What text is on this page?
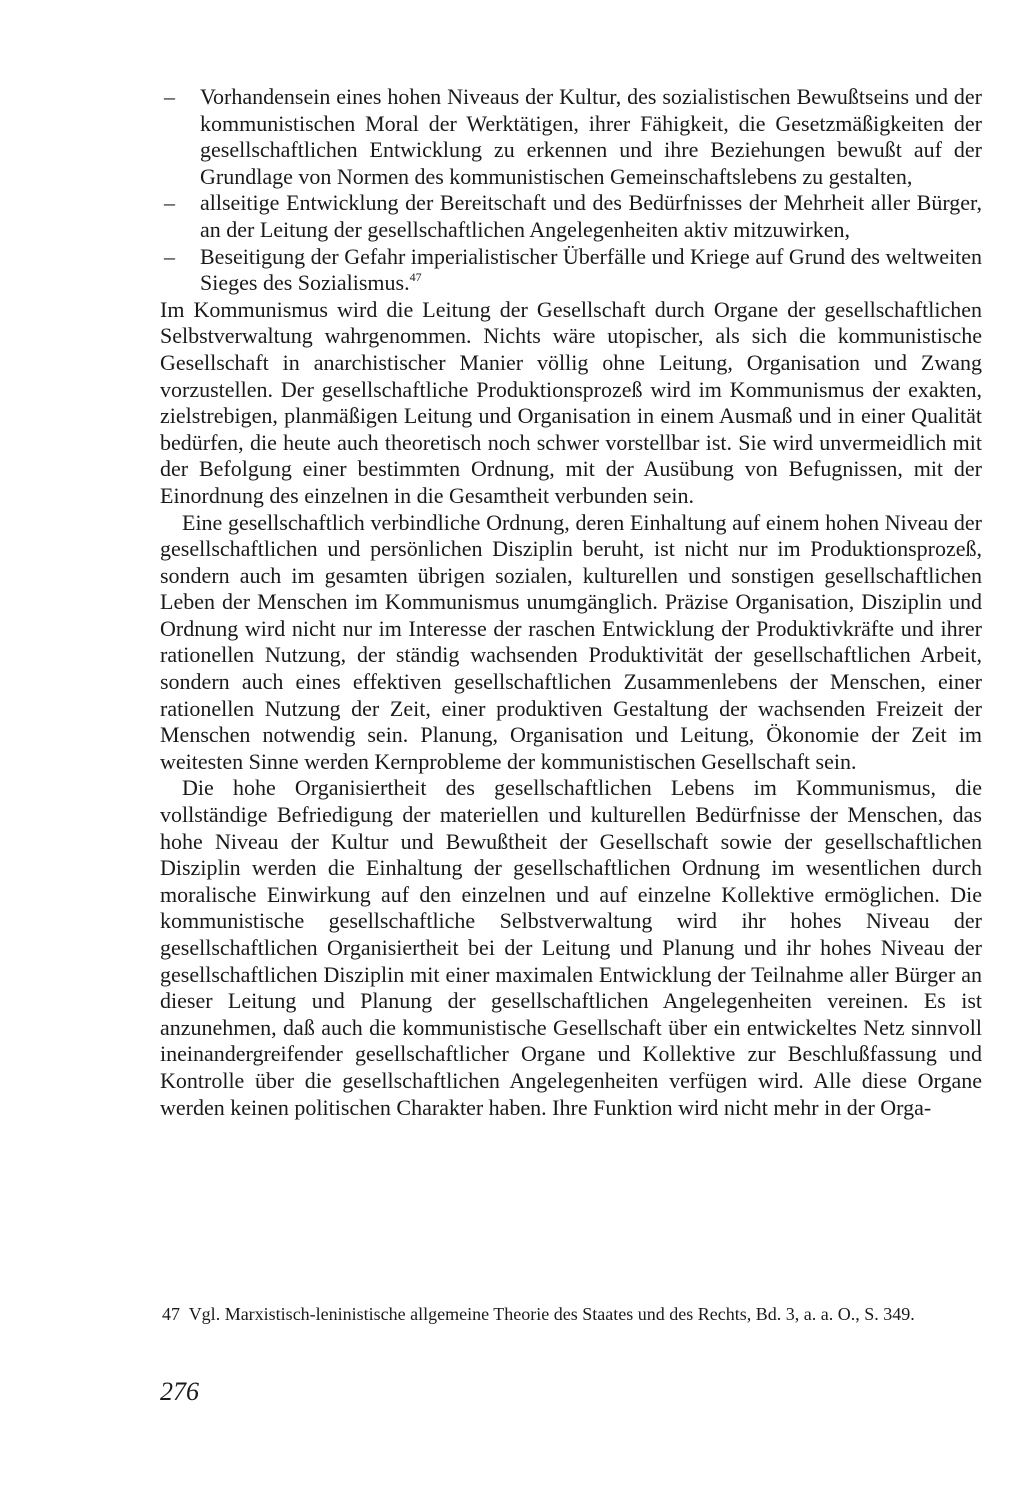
–	Vorhandensein eines hohen Niveaus der Kultur, des sozialistischen Bewußtseins und der kommunistischen Moral der Werktätigen, ihrer Fähigkeit, die Gesetzmäßigkeiten der gesellschaftlichen Entwicklung zu erkennen und ihre Beziehungen bewußt auf der Grundlage von Normen des kommunistischen Gemeinschaftslebens zu gestalten,
–	allseitige Entwicklung der Bereitschaft und des Bedürfnisses der Mehrheit aller Bürger, an der Leitung der gesellschaftlichen Angelegenheiten aktiv mitzuwirken,
–	Beseitigung der Gefahr imperialistischer Überfälle und Kriege auf Grund des weltweiten Sieges des Sozialismus.$^{47}$

Im Kommunismus wird die Leitung der Gesellschaft durch Organe der gesellschaftlichen Selbstverwaltung wahrgenommen. Nichts wäre utopischer, als sich die kommunistische Gesellschaft in anarchistischer Manier völlig ohne Leitung, Organisation und Zwang vorzustellen. Der gesellschaftliche Produktionsprozeß wird im Kommunismus der exakten, zielstrebigen, planmäßigen Leitung und Organisation in einem Ausmaß und in einer Qualität bedürfen, die heute auch theoretisch noch schwer vorstellbar ist. Sie wird unvermeidlich mit der Befolgung einer bestimmten Ordnung, mit der Ausübung von Befugnissen, mit der Einordnung des einzelnen in die Gesamtheit verbunden sein.

Eine gesellschaftlich verbindliche Ordnung, deren Einhaltung auf einem hohen Niveau der gesellschaftlichen und persönlichen Disziplin beruht, ist nicht nur im Produktionsprozeß, sondern auch im gesamten übrigen sozialen, kulturellen und sonstigen gesellschaftlichen Leben der Menschen im Kommunismus unumgänglich. Präzise Organisation, Disziplin und Ordnung wird nicht nur im Interesse der raschen Entwicklung der Produktivkräfte und ihrer rationellen Nutzung, der ständig wachsenden Produktivität der gesellschaftlichen Arbeit, sondern auch eines effektiven gesellschaftlichen Zusammenlebens der Menschen, einer rationellen Nutzung der Zeit, einer produktiven Gestaltung der wachsenden Freizeit der Menschen notwendig sein. Planung, Organisation und Leitung, Ökonomie der Zeit im weitesten Sinne werden Kernprobleme der kommunistischen Gesellschaft sein.

Die hohe Organisiertheit des gesellschaftlichen Lebens im Kommunismus, die vollständige Befriedigung der materiellen und kulturellen Bedürfnisse der Menschen, das hohe Niveau der Kultur und Bewußtheit der Gesellschaft sowie der gesellschaftlichen Disziplin werden die Einhaltung der gesellschaftlichen Ordnung im wesentlichen durch moralische Einwirkung auf den einzelnen und auf einzelne Kollektive ermöglichen. Die kommunistische gesellschaftliche Selbstverwaltung wird ihr hohes Niveau der gesellschaftlichen Organisiertheit bei der Leitung und Planung und ihr hohes Niveau der gesellschaftlichen Disziplin mit einer maximalen Entwicklung der Teilnahme aller Bürger an dieser Leitung und Planung der gesellschaftlichen Angelegenheiten vereinen. Es ist anzunehmen, daß auch die kommunistische Gesellschaft über ein entwickeltes Netz sinnvoll ineinandergreifender gesellschaftlicher Organe und Kollektive zur Beschlußfassung und Kontrolle über die gesellschaftlichen Angelegenheiten verfügen wird. Alle diese Organe werden keinen politischen Charakter haben. Ihre Funktion wird nicht mehr in der Orga-

47 Vgl. Marxistisch-leninistische allgemeine Theorie des Staates und des Rechts, Bd. 3, a. a. O., S. 349.

276
